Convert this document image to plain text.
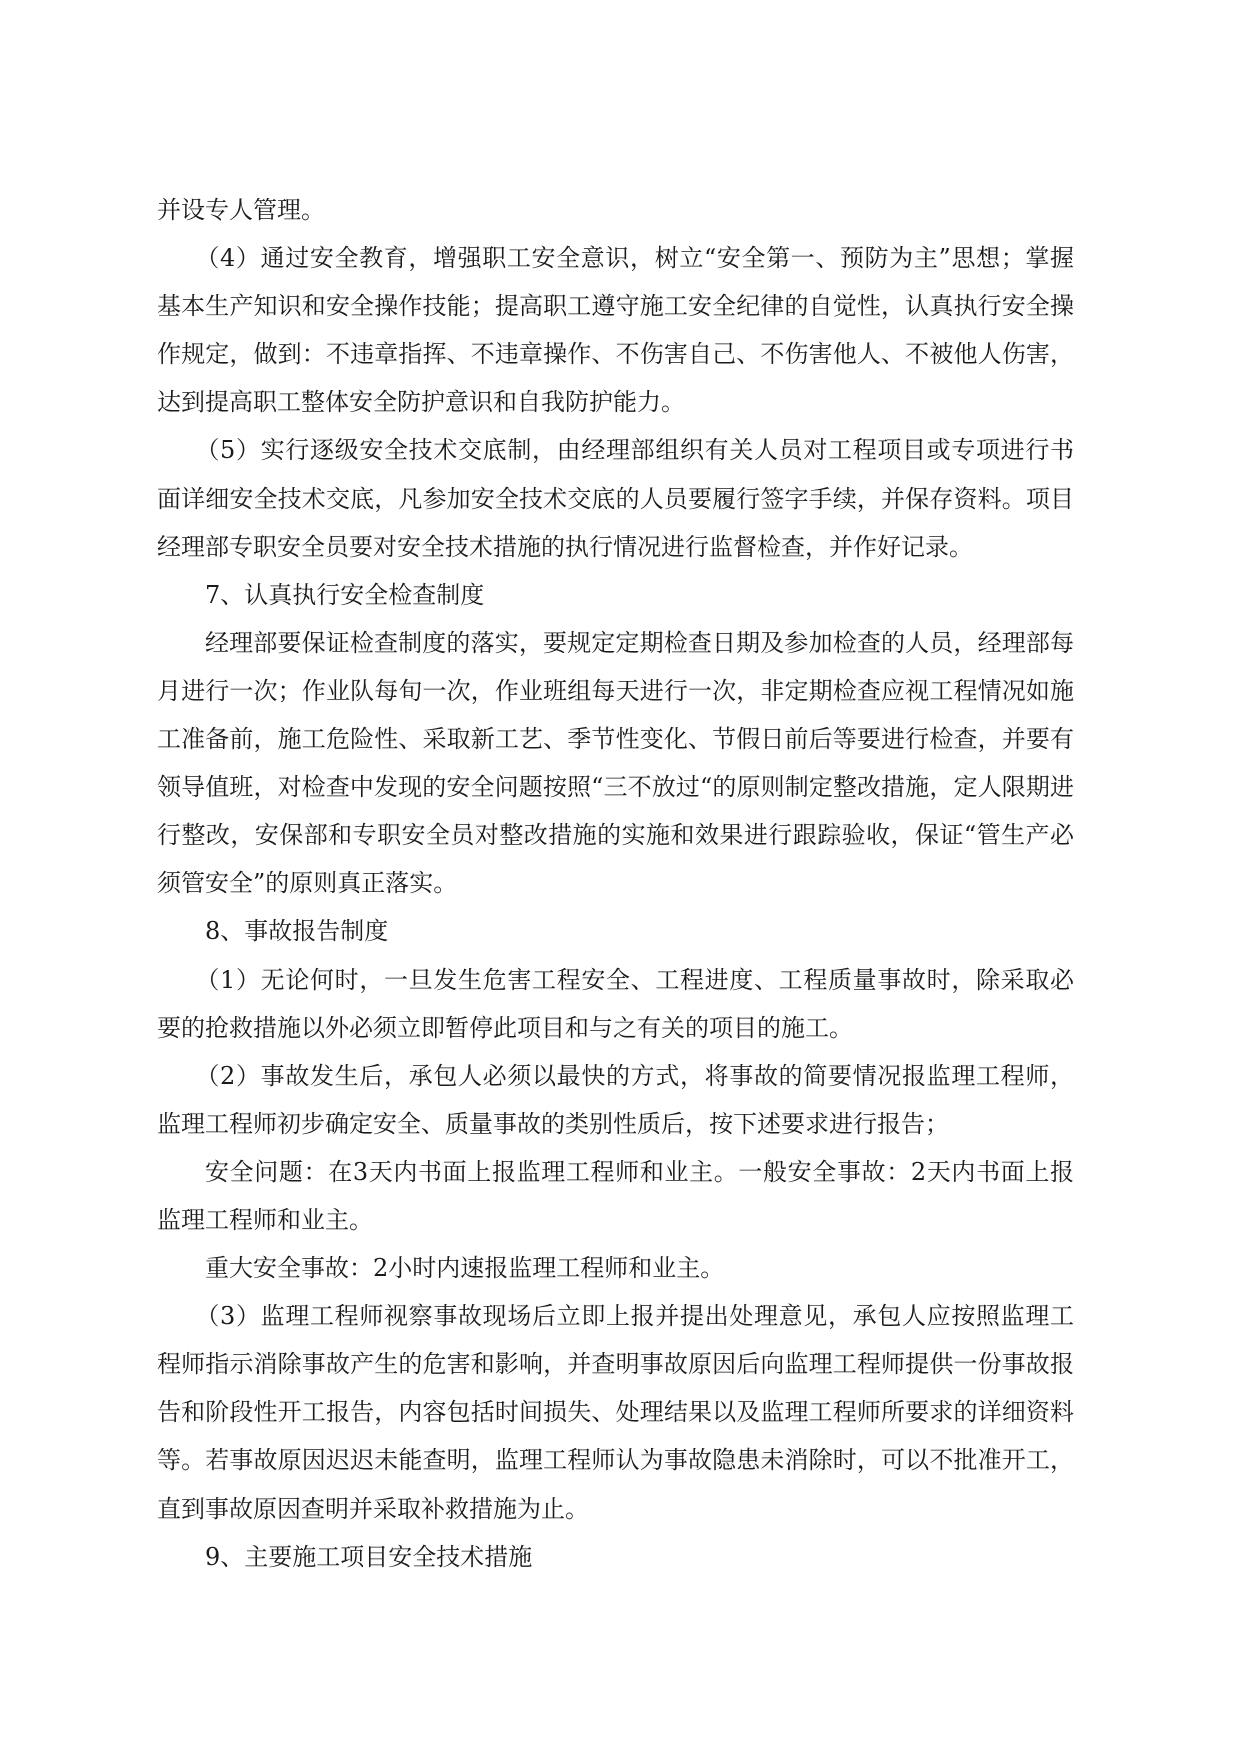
并设专人管理。

（4）通过安全教育，增强职工安全意识，树立“安全第一、预防为主”思想；掌握基本生产知识和安全操作技能；提高职工遵守施工安全纪律的自觉性，认真执行安全操作规定，做到：不违章指挥、不违章操作、不伤害自己、不伤害他人、不被他人伤害，达到提高职工整体安全防护意识和自我防护能力。

（5）实行逐级安全技术交底制，由经理部组织有关人员对工程项目或专项进行书面详细安全技术交底，凡参加安全技术交底的人员要履行签字手续，并保存资料。项目经理部专职安全员要对安全技术措施的执行情况进行监督检查，并作好记录。

7、认真执行安全检查制度

经理部要保证检查制度的落实，要规定定期检查日期及参加检查的人员，经理部每月进行一次；作业队每旬一次，作业班组每天进行一次，非定期检查应视工程情况如施工准备前，施工危险性、采取新工艺、季节性变化、节假日前后等要进行检查，并要有领导值班，对检查中发现的安全问题按照“三不放过“的原则制定整改措施，定人限期进行整改，安保部和专职安全员对整改措施的实施和效果进行跟踪验收，保证“管生产必须管安全”的原则真正落实。

8、事故报告制度

（1）无论何时，一旦发生危害工程安全、工程进度、工程质量事故时，除采取必要的抢救措施以外必须立即暂停此项目和与之有关的项目的施工。

（2）事故发生后，承包人必须以最快的方式，将事故的简要情况报监理工程师，监理工程师初步确定安全、质量事故的类别性质后，按下述要求进行报告；

安全问题：在3天内书面上报监理工程师和业主。一般安全事故：2天内书面上报监理工程师和业主。

重大安全事故：2小时内速报监理工程师和业主。

（3）监理工程师视察事故现场后立即上报并提出处理意见，承包人应按照监理工程师指示消除事故产生的危害和影响，并查明事故原因后向监理工程师提供一份事故报告和阶段性开工报告，内容包括时间损失、处理结果以及监理工程师所要求的详细资料等。若事故原因迟迟未能查明，监理工程师认为事故隐患未消除时，可以不批准开工，直到事故原因查明并采取补救措施为止。

9、主要施工项目安全技术措施
